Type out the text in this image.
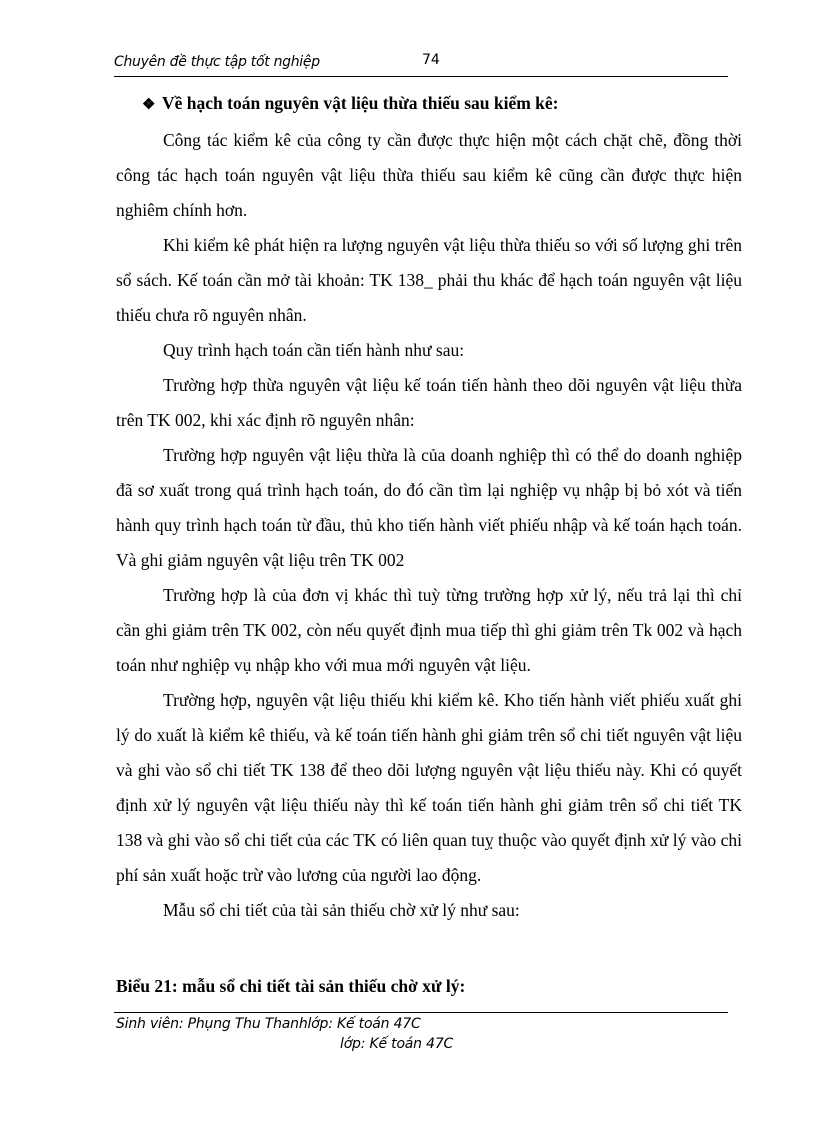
Chuyên đề thực tập tốt nghiệp	74

❖ Về hạch toán nguyên vật liệu thừa thiếu sau kiểm kê:

Công tác kiểm kê của công ty cần được thực hiện một cách chặt chẽ, đồng thời công tác hạch toán nguyên vật liệu thừa thiếu sau kiểm kê cũng cần được thực hiện nghiêm chính hơn.

Khi kiểm kê phát hiện ra lượng nguyên vật liệu thừa thiếu so với số lượng ghi trên sổ sách. Kế toán cần mở tài khoản: TK 138_ phải thu khác để hạch toán nguyên vật liệu thiếu chưa rõ nguyên nhân.

Quy trình hạch toán cần tiến hành như sau:

Trường hợp thừa nguyên vật liệu kế toán tiến hành theo dõi nguyên vật liệu thừa trên TK 002, khi xác định rõ nguyên nhân:

Trường hợp nguyên vật liệu thừa là của doanh nghiệp thì có thể do doanh nghiệp đã sơ xuất trong quá trình hạch toán, do đó cần tìm lại nghiệp vụ nhập bị bỏ xót và tiến hành quy trình hạch toán từ đầu, thủ kho tiến hành viết phiếu nhập và kế toán hạch toán. Và ghi giảm nguyên vật liệu trên TK 002

Trường hợp là của đơn vị khác thì tuỳ từng trường hợp xử lý, nếu trả lại thì chỉ cần ghi giảm trên TK 002, còn nếu quyết định mua tiếp thì ghi giảm trên Tk 002 và hạch toán như nghiệp vụ nhập kho với mua mới nguyên vật liệu.

Trường hợp, nguyên vật liệu thiếu khi kiểm kê. Kho tiến hành viết phiếu xuất ghi lý do xuất là kiểm kê thiếu, và kế toán tiến hành ghi giảm trên sổ chi tiết nguyên vật liệu và ghi vào sổ chi tiết TK 138 để theo dõi lượng nguyên vật liệu thiếu này. Khi có quyết định xử lý nguyên vật liệu thiếu này thì kế toán tiến hành ghi giảm trên sổ chi tiết TK 138 và ghi vào sổ chi tiết của các TK có liên quan tuỵ thuộc vào quyết định xử lý vào chi phí sản xuất hoặc trừ vào lương của người lao động.

Mẫu sổ chi tiết của tài sản thiếu chờ xử lý như sau:

Biểu 21: mẫu sổ chi tiết tài sản thiếu chờ xử lý:
Sinh viên: Phụng Thu Thanhlớp: Kế toán 47C
lớp: Kế toán 47C
